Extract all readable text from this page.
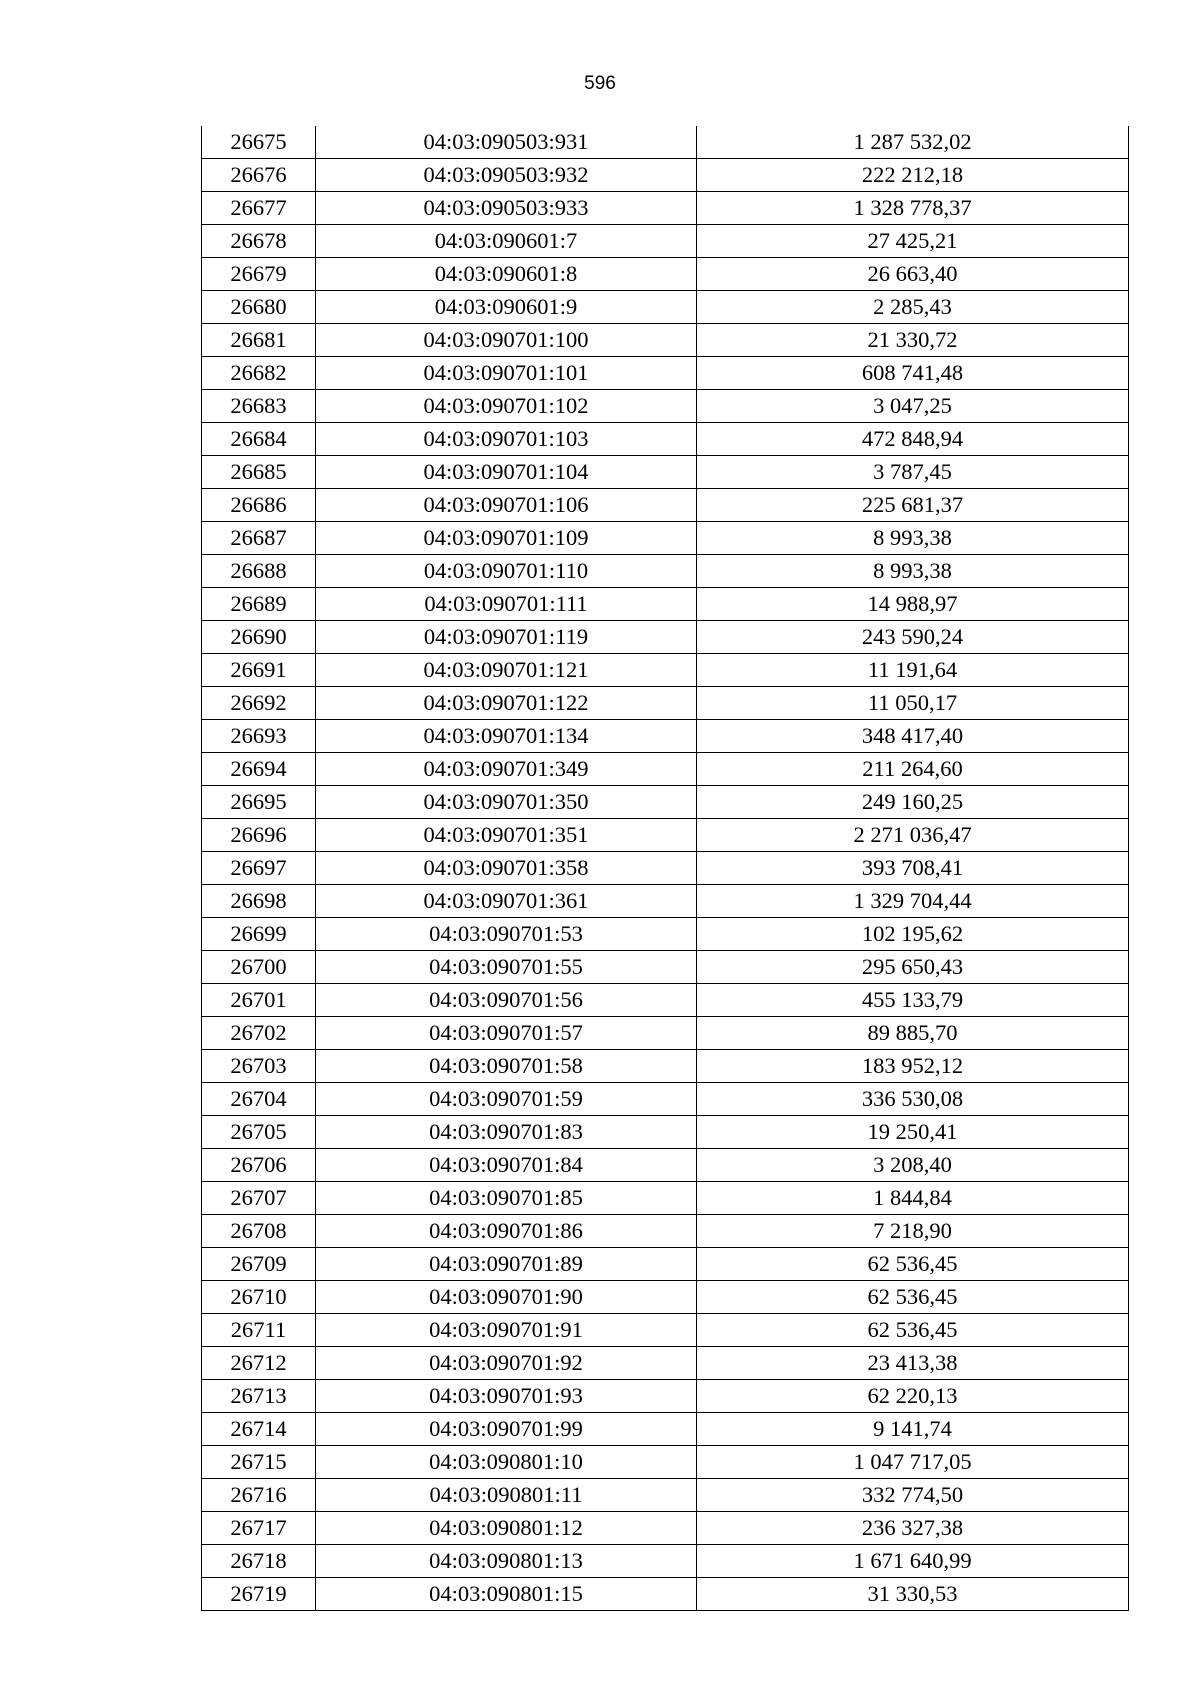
596
26675	04:03:090503:931	1 287 532,02
26676	04:03:090503:932	222 212,18
26677	04:03:090503:933	1 328 778,37
26678	04:03:090601:7	27 425,21
26679	04:03:090601:8	26 663,40
26680	04:03:090601:9	2 285,43
26681	04:03:090701:100	21 330,72
26682	04:03:090701:101	608 741,48
26683	04:03:090701:102	3 047,25
26684	04:03:090701:103	472 848,94
26685	04:03:090701:104	3 787,45
26686	04:03:090701:106	225 681,37
26687	04:03:090701:109	8 993,38
26688	04:03:090701:110	8 993,38
26689	04:03:090701:111	14 988,97
26690	04:03:090701:119	243 590,24
26691	04:03:090701:121	11 191,64
26692	04:03:090701:122	11 050,17
26693	04:03:090701:134	348 417,40
26694	04:03:090701:349	211 264,60
26695	04:03:090701:350	249 160,25
26696	04:03:090701:351	2 271 036,47
26697	04:03:090701:358	393 708,41
26698	04:03:090701:361	1 329 704,44
26699	04:03:090701:53	102 195,62
26700	04:03:090701:55	295 650,43
26701	04:03:090701:56	455 133,79
26702	04:03:090701:57	89 885,70
26703	04:03:090701:58	183 952,12
26704	04:03:090701:59	336 530,08
26705	04:03:090701:83	19 250,41
26706	04:03:090701:84	3 208,40
26707	04:03:090701:85	1 844,84
26708	04:03:090701:86	7 218,90
26709	04:03:090701:89	62 536,45
26710	04:03:090701:90	62 536,45
26711	04:03:090701:91	62 536,45
26712	04:03:090701:92	23 413,38
26713	04:03:090701:93	62 220,13
26714	04:03:090701:99	9 141,74
26715	04:03:090801:10	1 047 717,05
26716	04:03:090801:11	332 774,50
26717	04:03:090801:12	236 327,38
26718	04:03:090801:13	1 671 640,99
26719	04:03:090801:15	31 330,53
